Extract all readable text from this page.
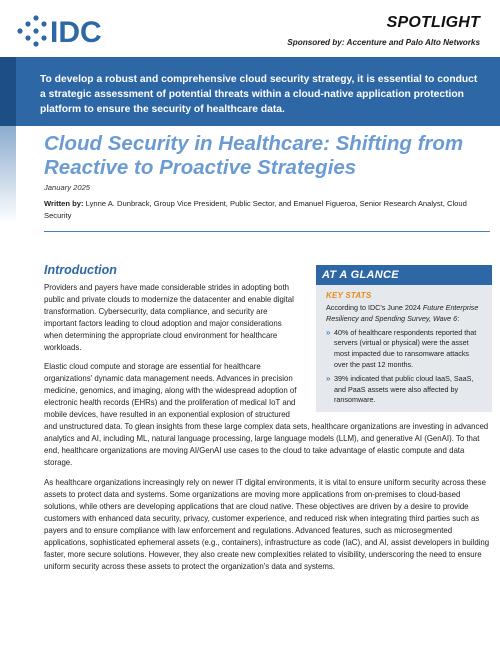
IDC	SPOTLIGHT
Sponsored by: Accenture and Palo Alto Networks

To develop a robust and comprehensive cloud security strategy, it is essential to conduct a strategic assessment of potential threats within a cloud-native application protection platform to ensure the security of healthcare data.

Cloud Security in Healthcare: Shifting from Reactive to Proactive Strategies
January 2025
Written by: Lynne A. Dunbrack, Group Vice President, Public Sector, and Emanuel Figueroa, Senior Research Analyst, Cloud Security
Introduction

Providers and payers have made considerable strides in adopting both public and private clouds to modernize the datacenter and enable digital transformation. Cybersecurity, data compliance, and security are important factors leading to cloud adoption and major considerations when determining the appropriate cloud environment for healthcare workloads.

Elastic cloud compute and storage are essential for healthcare organizations' dynamic data management needs. Advances in precision medicine, genomics, and imaging, along with the widespread adoption of electronic health records (EHRs) and the proliferation of medical IoT and mobile devices, have resulted in an exponential explosion of structured

and unstructured data. To glean insights from these large complex data sets, healthcare organizations are investing in advanced analytics and AI, including ML, natural language processing, large language models (LLM), and generative AI (GenAI). To that end, healthcare organizations are moving AI/GenAI use cases to the cloud to take advantage of elastic compute and data storage.

As healthcare organizations increasingly rely on newer IT digital environments, it is vital to ensure uniform security across these assets to protect data and systems. Some organizations are moving more applications from on-premises to cloud-based solutions, while others are developing applications that are cloud native. These objectives are driven by a desire to provide customers with enhanced data security, privacy, customer experience, and reduced risk when integrating third parties such as payers and to ensure compliance with law enforcement and regulations. Advanced features, such as microsegmented applications, sophisticated ephemeral assets (e.g., containers), infrastructure as code (IaC), and AI, assist developers in building faster, more secure solutions. However, they also create new complexities related to visibility, underscoring the need to ensure uniform security across these assets to protect the organization's data and systems.

AT A GLANCE
KEY STATS
According to IDC's June 2024 Future Enterprise Resiliency and Spending Survey, Wave 6:
» 40% of healthcare respondents reported that servers (virtual or physical) were the asset most impacted due to ransomware attacks over the past 12 months.
» 39% indicated that public cloud IaaS, SaaS, and PaaS assets were also affected by ransomware.
